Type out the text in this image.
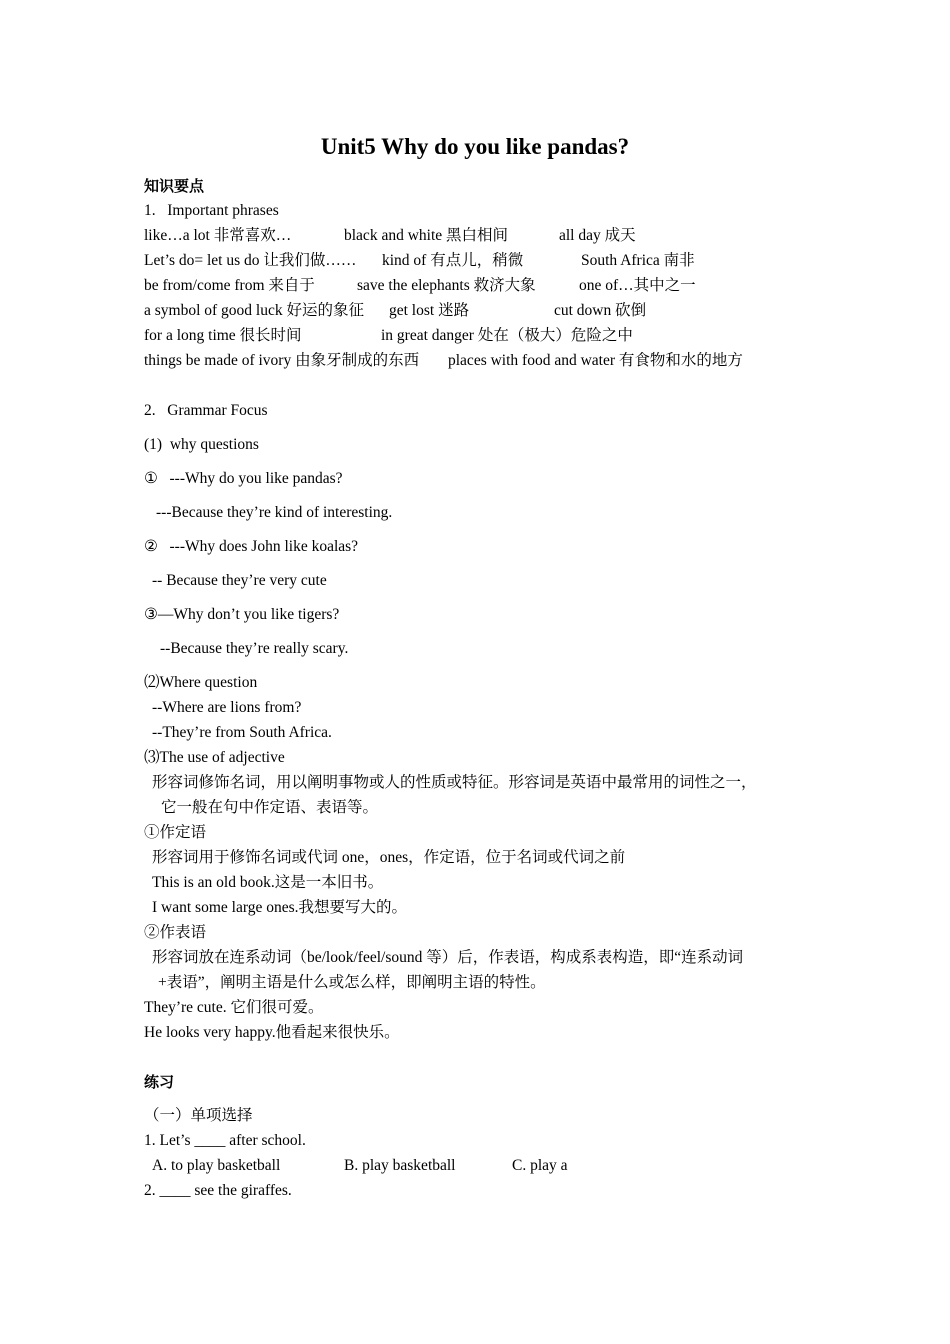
Unit5 Why do you like pandas?
知识要点
1.   Important phrases
like…a lot 非常喜欢…	black and white 黑白相间	all day 成天
Let’s do= let us do 让我们做…… kind of 有点儿，稍微	South Africa 南非
be from/come from 来自于	save the elephants 救济大象	one of…其中之一
a symbol of good luck 好运的象征 get lost 迷路	cut down 砍倒
for a long time 很长时间	in great danger 处在（极大）危险之中
things be made of ivory 由象牙制成的东西 places with food and water 有食物和水的地方
2.   Grammar Focus
(1)  why questions
①   ---Why do you like pandas?
---Because they’re kind of interesting.
②   ---Why does John like koalas?
-- Because they’re very cute
③—Why don’t you like tigers?
--Because they’re really scary.
⑵Where question
--Where are lions from?
--They’re from South Africa.
⑶The use of adjective
形容词修饰名词，用以阐明事物或人的性质或特征。形容词是英语中最常用的词性之一，
它一般在句中作定语、表语等。
①作定语
形容词用于修饰名词或代词 one，ones，作定语，位于名词或代词之前
This is an old book.这是一本旧书。
I want some large ones.我想要写大的。
②作表语
形容词放在连系动词（be/look/feel/sound 等）后，作表语，构成系表构造，即“连系动词
+表语”，阐明主语是什么或怎么样，即阐明主语的特性。
They’re cute. 它们很可爱。
He looks very happy.他看起来很快乐。
练习
（一）单项选择
1. Let’s ____ after school.
A. to play basketball	B. play basketball	C. play a
2. ____ see the giraffes.
